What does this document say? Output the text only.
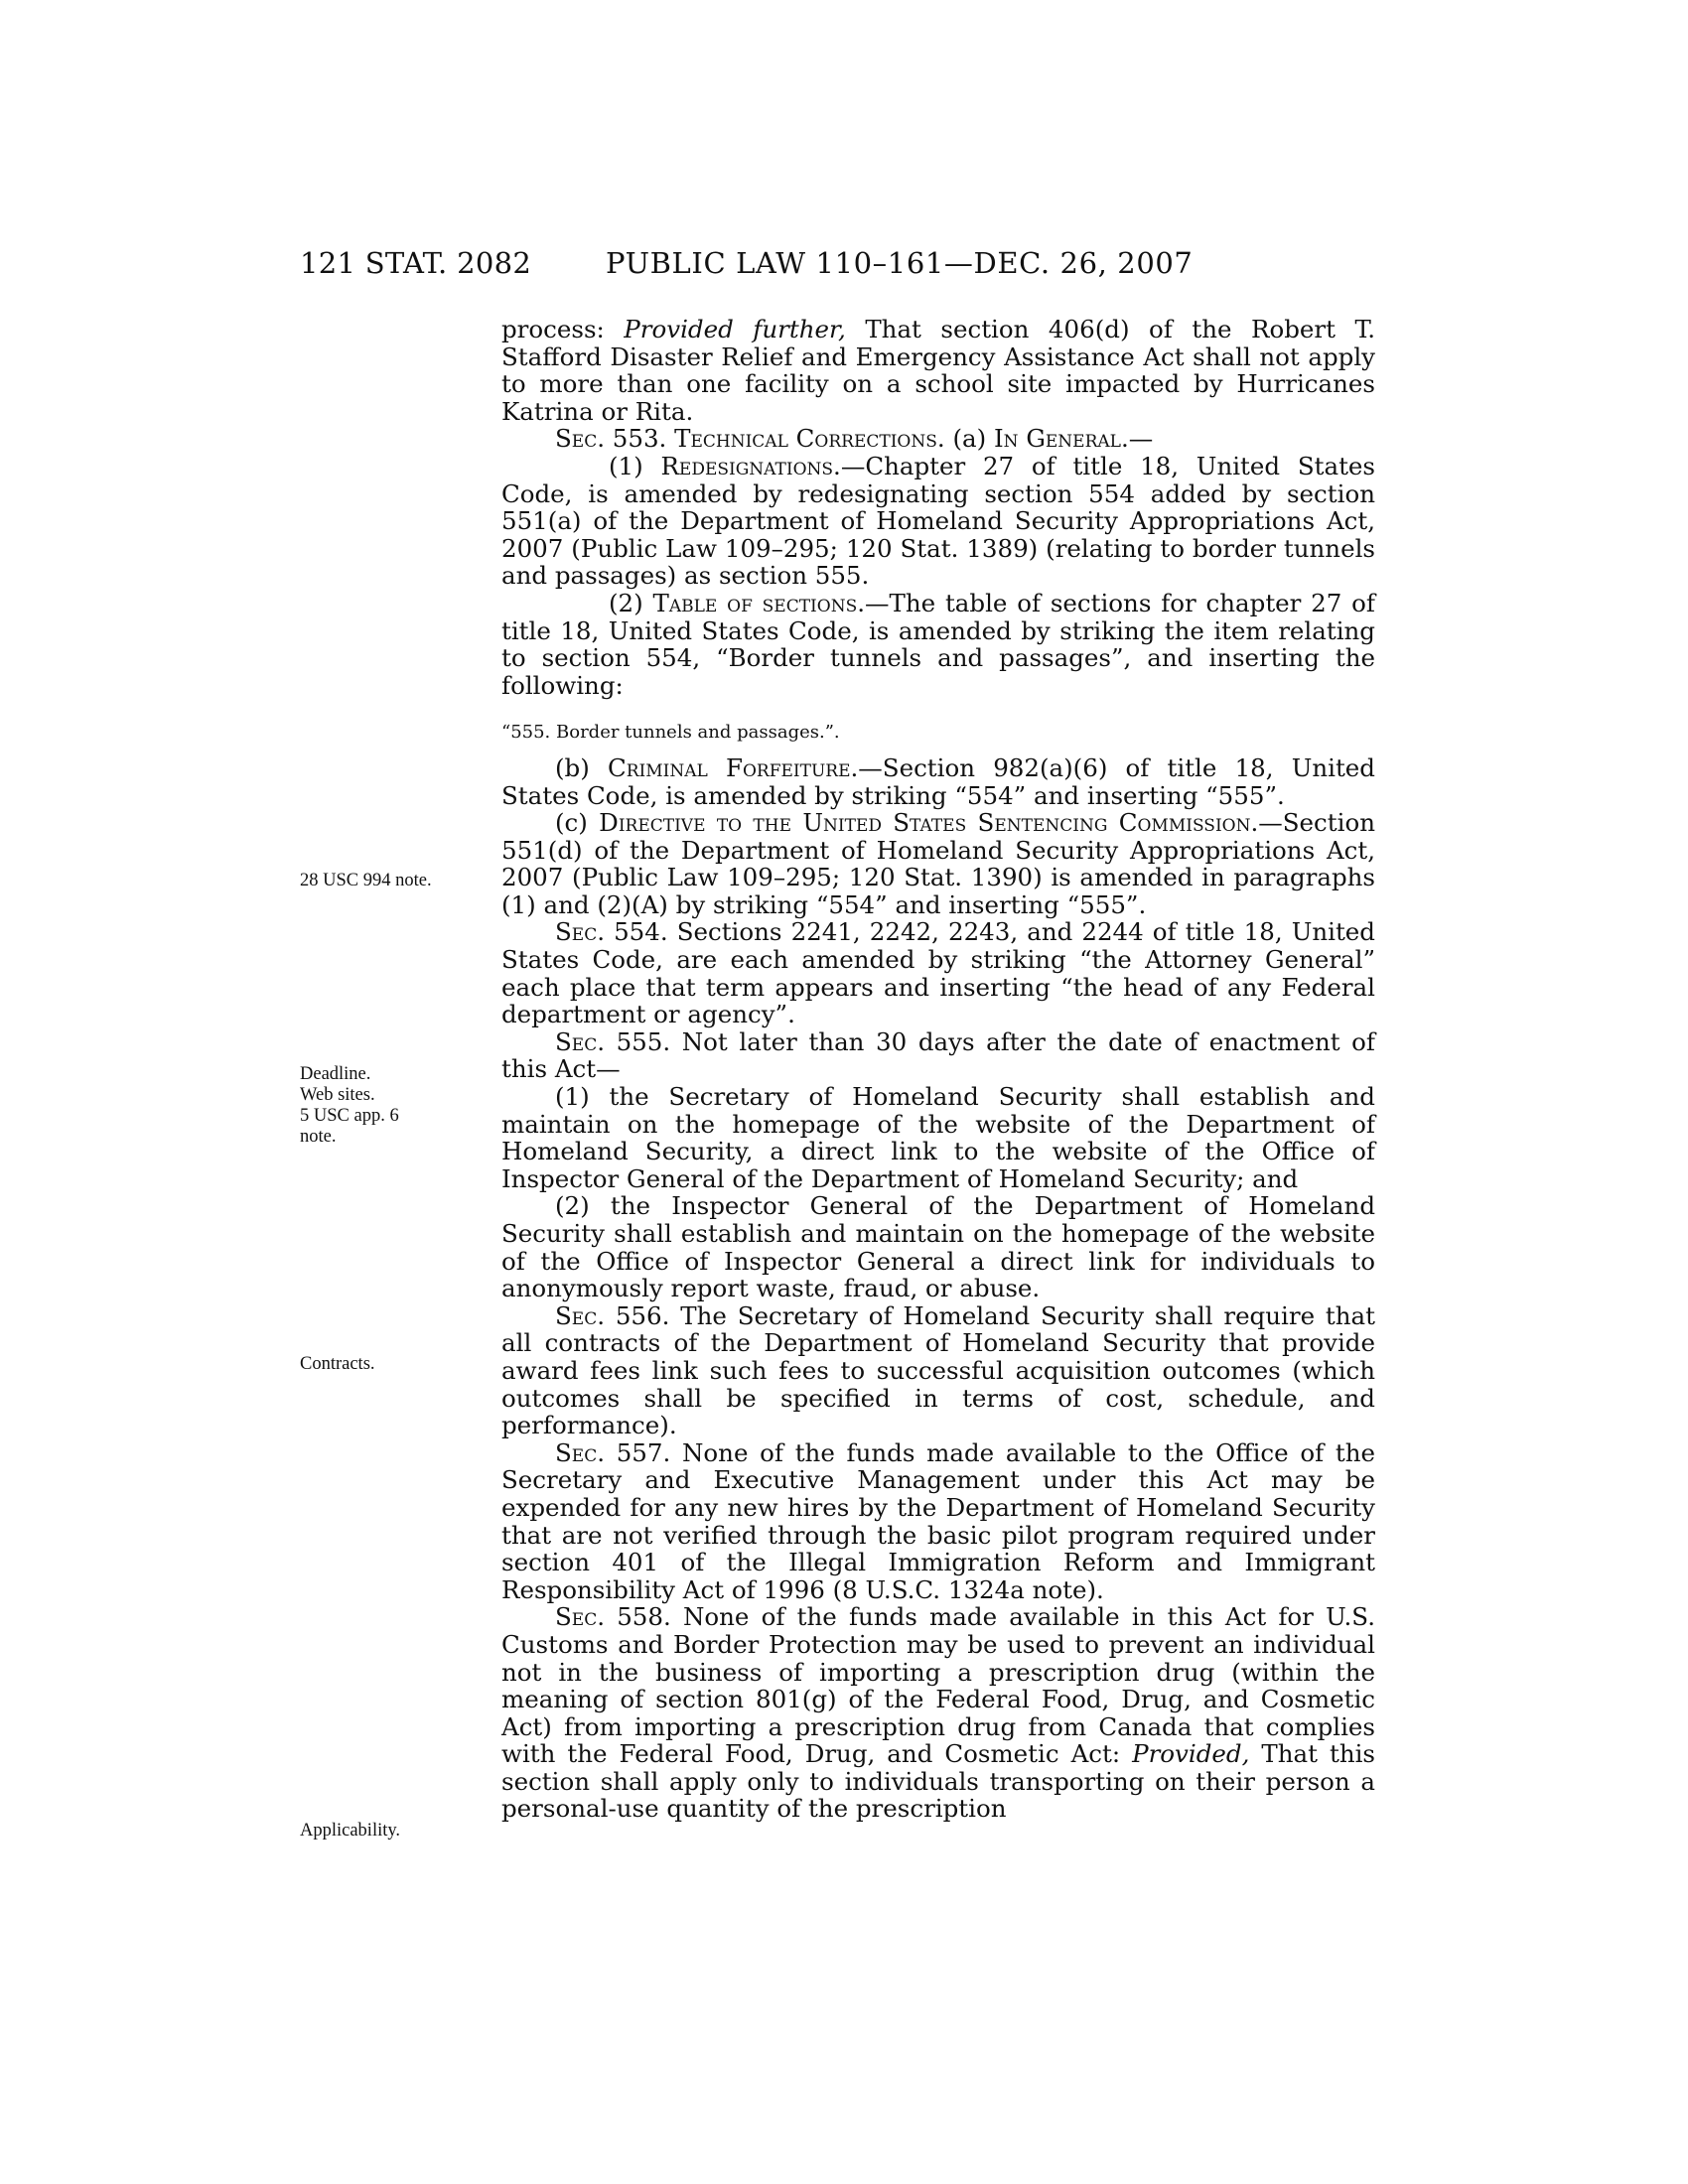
121 STAT. 2082	PUBLIC LAW 110–161—DEC. 26, 2007
28 USC 994 note.
Deadline.
Web sites.
5 USC app. 6
note.
Contracts.
Applicability.

process: Provided further, That section 406(d) of the Robert T. Stafford Disaster Relief and Emergency Assistance Act shall not apply to more than one facility on a school site impacted by Hurricanes Katrina or Rita.

Sec. 553. Technical Corrections. (a) In General.—

(1) Redesignations.—Chapter 27 of title 18, United States Code, is amended by redesignating section 554 added by section 551(a) of the Department of Homeland Security Appropriations Act, 2007 (Public Law 109–295; 120 Stat. 1389) (relating to border tunnels and passages) as section 555.

(2) Table of sections.—The table of sections for chapter 27 of title 18, United States Code, is amended by striking the item relating to section 554, “Border tunnels and passages”, and inserting the following:

“555. Border tunnels and passages.”.

(b) Criminal Forfeiture.—Section 982(a)(6) of title 18, United States Code, is amended by striking “554” and inserting “555”.

(c) Directive to the United States Sentencing Commission.—Section 551(d) of the Department of Homeland Security Appropriations Act, 2007 (Public Law 109–295; 120 Stat. 1390) is amended in paragraphs (1) and (2)(A) by striking “554” and inserting “555”.

Sec. 554. Sections 2241, 2242, 2243, and 2244 of title 18, United States Code, are each amended by striking “the Attorney General” each place that term appears and inserting “the head of any Federal department or agency”.

Sec. 555. Not later than 30 days after the date of enactment of this Act—

(1) the Secretary of Homeland Security shall establish and maintain on the homepage of the website of the Department of Homeland Security, a direct link to the website of the Office of Inspector General of the Department of Homeland Security; and

(2) the Inspector General of the Department of Homeland Security shall establish and maintain on the homepage of the website of the Office of Inspector General a direct link for individuals to anonymously report waste, fraud, or abuse.

Sec. 556. The Secretary of Homeland Security shall require that all contracts of the Department of Homeland Security that provide award fees link such fees to successful acquisition outcomes (which outcomes shall be specified in terms of cost, schedule, and performance).

Sec. 557. None of the funds made available to the Office of the Secretary and Executive Management under this Act may be expended for any new hires by the Department of Homeland Security that are not verified through the basic pilot program required under section 401 of the Illegal Immigration Reform and Immigrant Responsibility Act of 1996 (8 U.S.C. 1324a note).

Sec. 558. None of the funds made available in this Act for U.S. Customs and Border Protection may be used to prevent an individual not in the business of importing a prescription drug (within the meaning of section 801(g) of the Federal Food, Drug, and Cosmetic Act) from importing a prescription drug from Canada that complies with the Federal Food, Drug, and Cosmetic Act: Provided, That this section shall apply only to individuals transporting on their person a personal-use quantity of the prescription
